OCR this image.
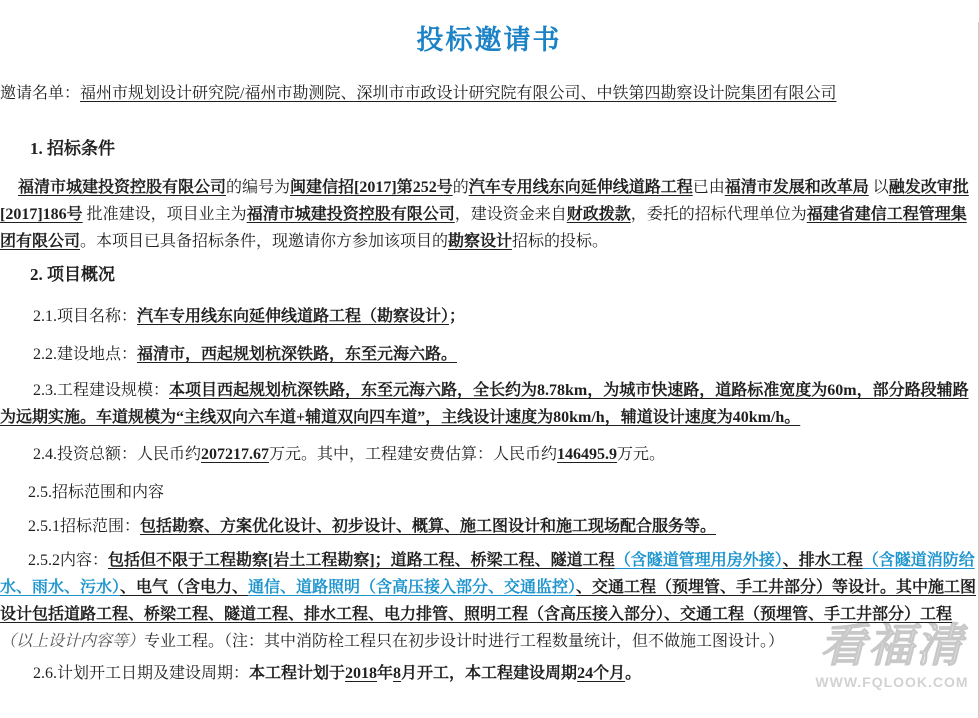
看福清
WWW.FQLOOK.COM
投标邀请书
邀请名单：福州市规划设计研究院/福州市勘测院、深圳市市政设计研究院有限公司、中铁第四勘察设计院集团有限公司
1. 招标条件
福清市城建投资控股有限公司的编号为闽建信招[2017]第252号的汽车专用线东向延伸线道路工程已由福清市发展和改革局 以融发改审批[2017]186号 批准建设，项目业主为福清市城建投资控股有限公司，建设资金来自财政拨款，委托的招标代理单位为福建省建信工程管理集团有限公司。本项目已具备招标条件，现邀请你方参加该项目的勘察设计招标的投标。
2. 项目概况
2.1.项目名称：汽车专用线东向延伸线道路工程（勘察设计）；
2.2.建设地点：福清市，西起规划杭深铁路，东至元海六路。
2.3.工程建设规模：本项目西起规划杭深铁路，东至元海六路，全长约为8.78km，为城市快速路，道路标准宽度为60m，部分路段辅路为远期实施。车道规模为“主线双向六车道+辅道双向四车道”，主线设计速度为80km/h，辅道设计速度为40km/h。
2.4.投资总额：人民币约207217.67万元。其中，工程建安费估算：人民币约146495.9万元。
2.5.招标范围和内容
2.5.1招标范围：包括勘察、方案优化设计、初步设计、概算、施工图设计和施工现场配合服务等。
2.5.2内容：包括但不限于工程勘察[岩土工程勘察]；道路工程、桥梁工程、隧道工程（含隧道管理用房外接）、排水工程（含隧道消防给水、雨水、污水）、电气（含电力、通信、道路照明（含高压接入部分、交通监控）、交通工程（预埋管、手工井部分）等设计。其中施工图设计包括道路工程、桥梁工程、隧道工程、排水工程、电力排管、照明工程（含高压接入部分）、交通工程（预埋管、手工井部分）工程（以上设计内容等）专业工程。（注：其中消防栓工程只在初步设计时进行工程数量统计，但不做施工图设计。）
2.6.计划开工日期及建设周期：本工程计划于2018年8月开工，本工程建设周期24个月。
